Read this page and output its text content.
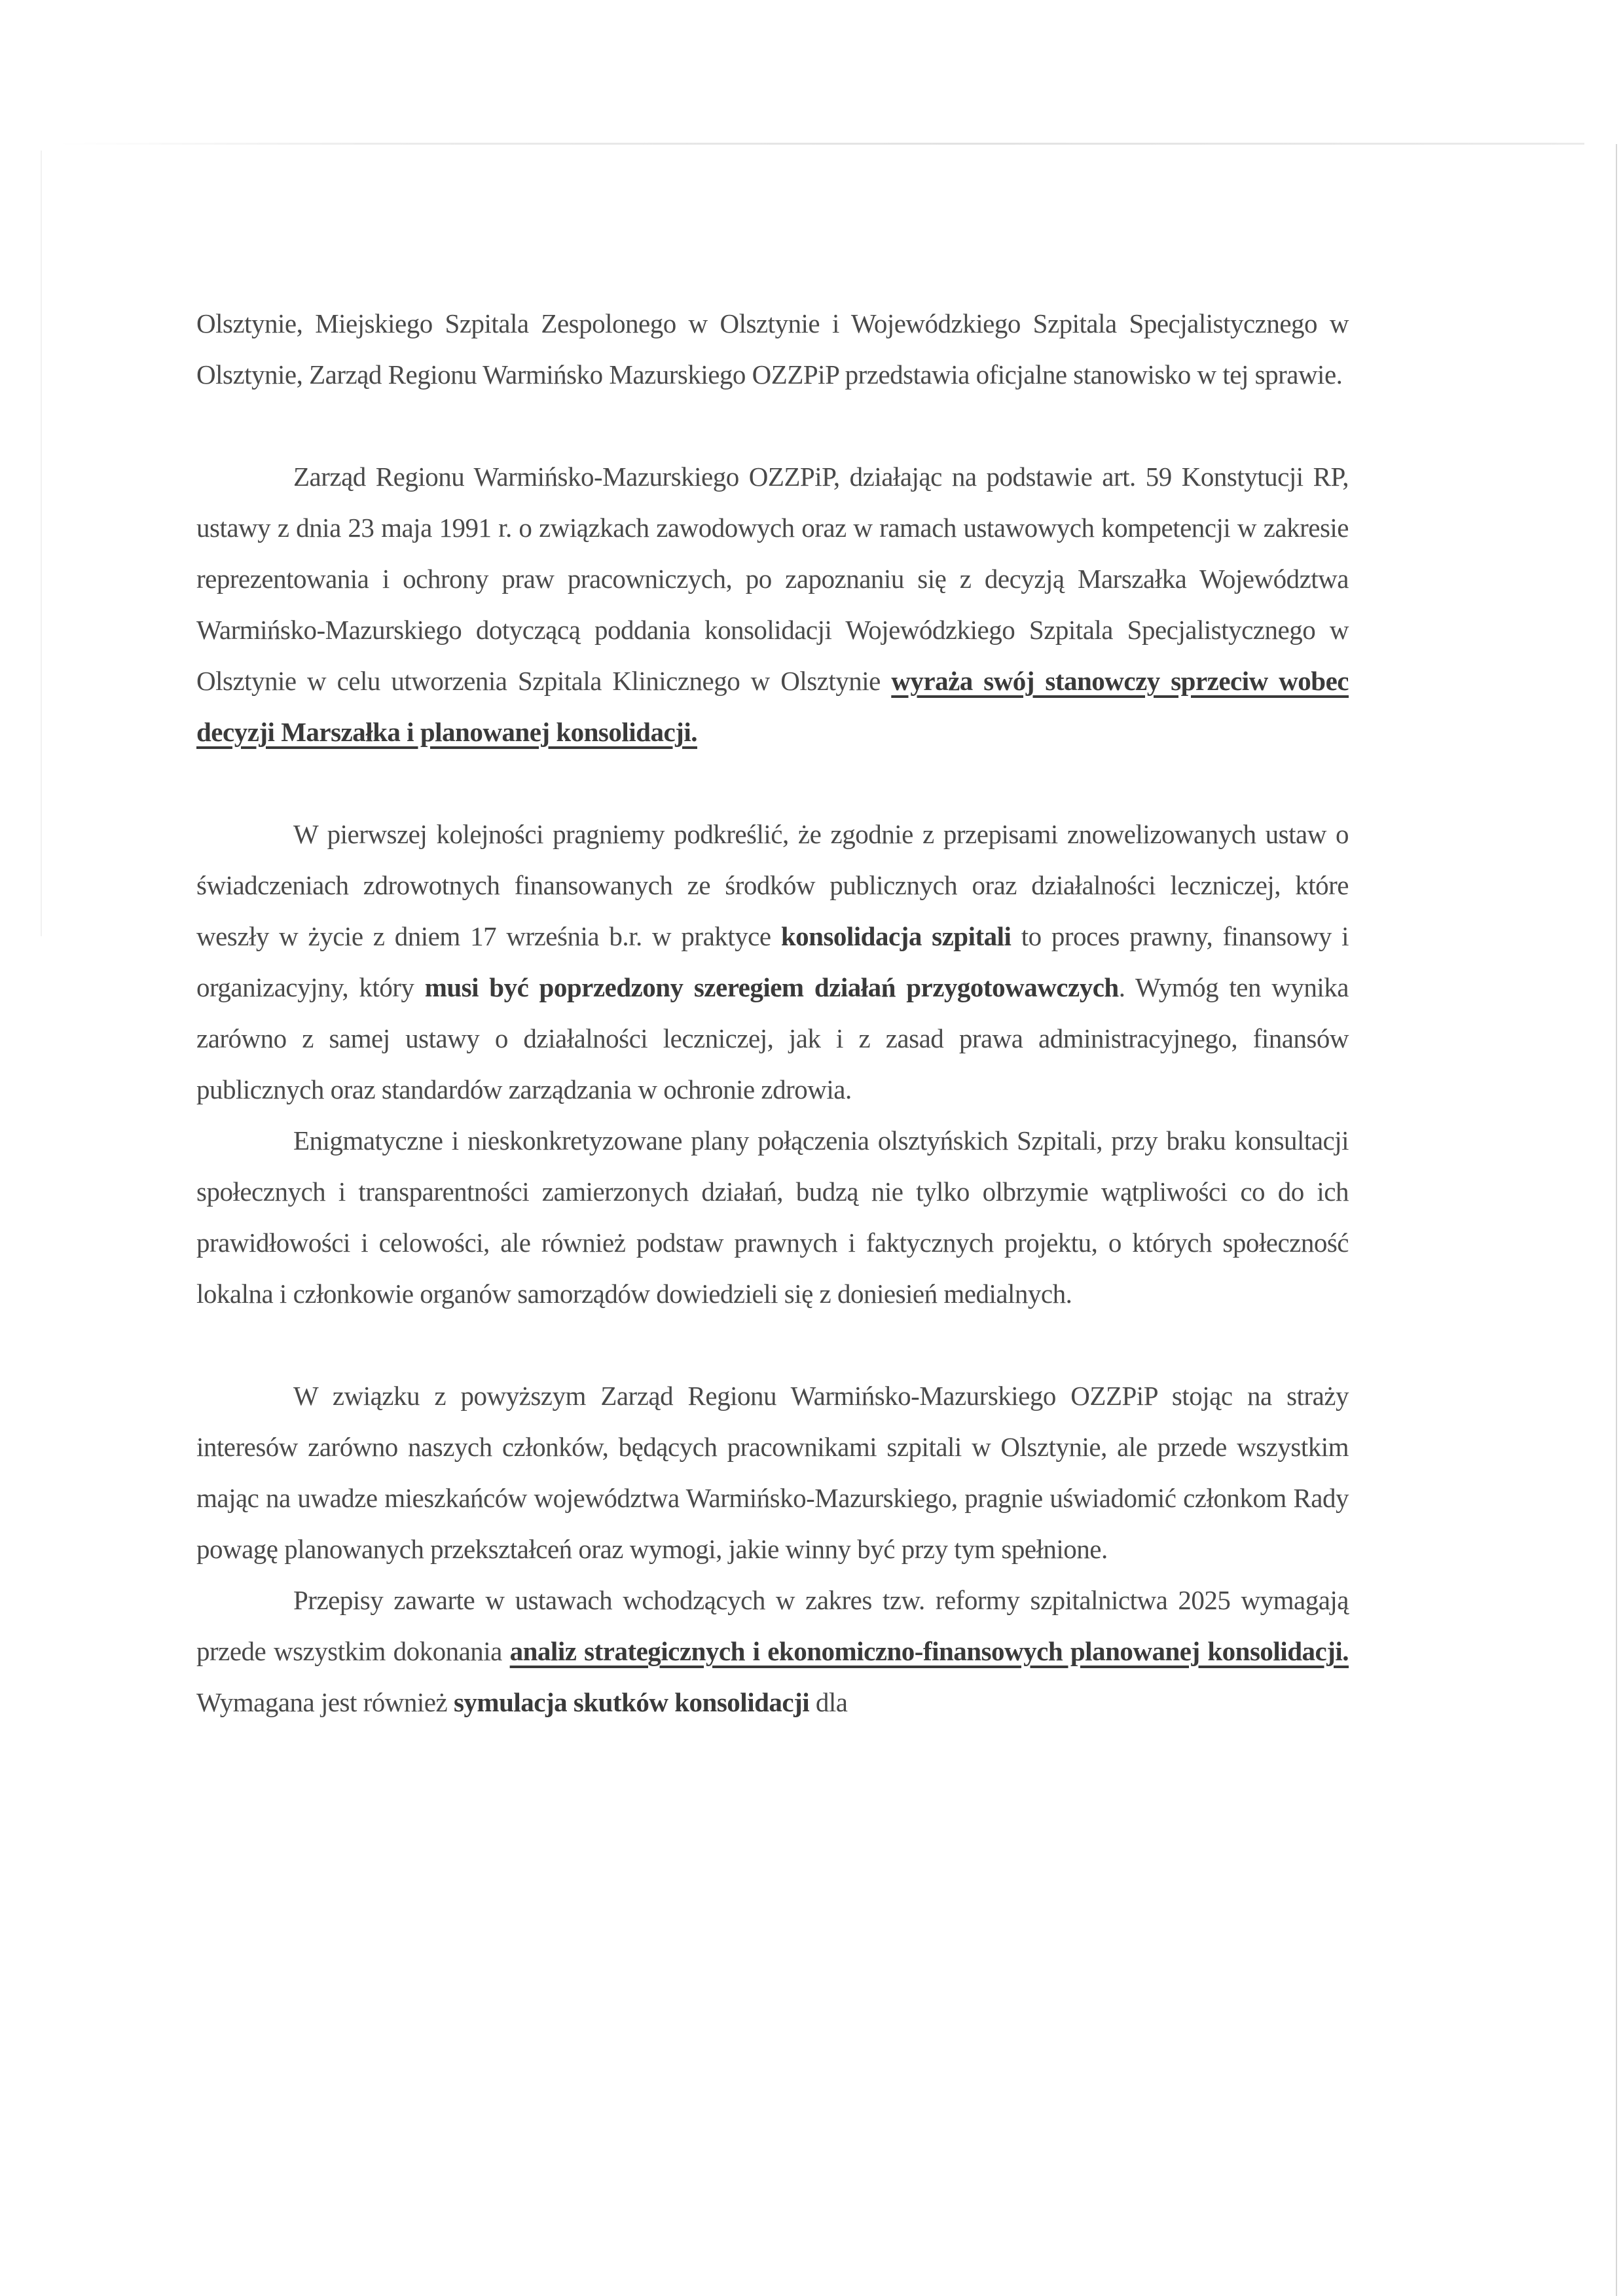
Olsztynie, Miejskiego Szpitala Zespolonego w Olsztynie i Wojewódzkiego Szpitala Specjalistycznego w Olsztynie, Zarząd Regionu Warmińsko Mazurskiego OZZPiP przedstawia oficjalne stanowisko w tej sprawie.

Zarząd Regionu Warmińsko-Mazurskiego OZZPiP, działając na podstawie art. 59 Konstytucji RP, ustawy z dnia 23 maja 1991 r. o związkach zawodowych oraz w ramach ustawowych kompetencji w zakresie reprezentowania i ochrony praw pracowniczych, po zapoznaniu się z decyzją Marszałka Województwa Warmińsko-Mazurskiego dotyczącą poddania konsolidacji Wojewódzkiego Szpitala Specjalistycznego w Olsztynie w celu utworzenia Szpitala Klinicznego w Olsztynie wyraża swój stanowczy sprzeciw wobec decyzji Marszałka i planowanej konsolidacji.

W pierwszej kolejności pragniemy podkreślić, że zgodnie z przepisami znowelizowanych ustaw o świadczeniach zdrowotnych finansowanych ze środków publicznych oraz działalności leczniczej, które weszły w życie z dniem 17 września b.r. w praktyce konsolidacja szpitali to proces prawny, finansowy i organizacyjny, który musi być poprzedzony szeregiem działań przygotowawczych. Wymóg ten wynika zarówno z samej ustawy o działalności leczniczej, jak i z zasad prawa administracyjnego, finansów publicznych oraz standardów zarządzania w ochronie zdrowia.

Enigmatyczne i nieskonkretyzowane plany połączenia olsztyńskich Szpitali, przy braku konsultacji społecznych i transparentności zamierzonych działań, budzą nie tylko olbrzymie wątpliwości co do ich prawidłowości i celowości, ale również podstaw prawnych i faktycznych projektu, o których społeczność lokalna i członkowie organów samorządów dowiedzieli się z doniesień medialnych.

W związku z powyższym Zarząd Regionu Warmińsko-Mazurskiego OZZPiP stojąc na straży interesów zarówno naszych członków, będących pracownikami szpitali w Olsztynie, ale przede wszystkim mając na uwadze mieszkańców województwa Warmińsko-Mazurskiego, pragnie uświadomić członkom Rady powagę planowanych przekształceń oraz wymogi, jakie winny być przy tym spełnione.

Przepisy zawarte w ustawach wchodzących w zakres tzw. reformy szpitalnictwa 2025 wymagają przede wszystkim dokonania analiz strategicznych i ekonomiczno-finansowych planowanej konsolidacji. Wymagana jest również symulacja skutków konsolidacji dla
